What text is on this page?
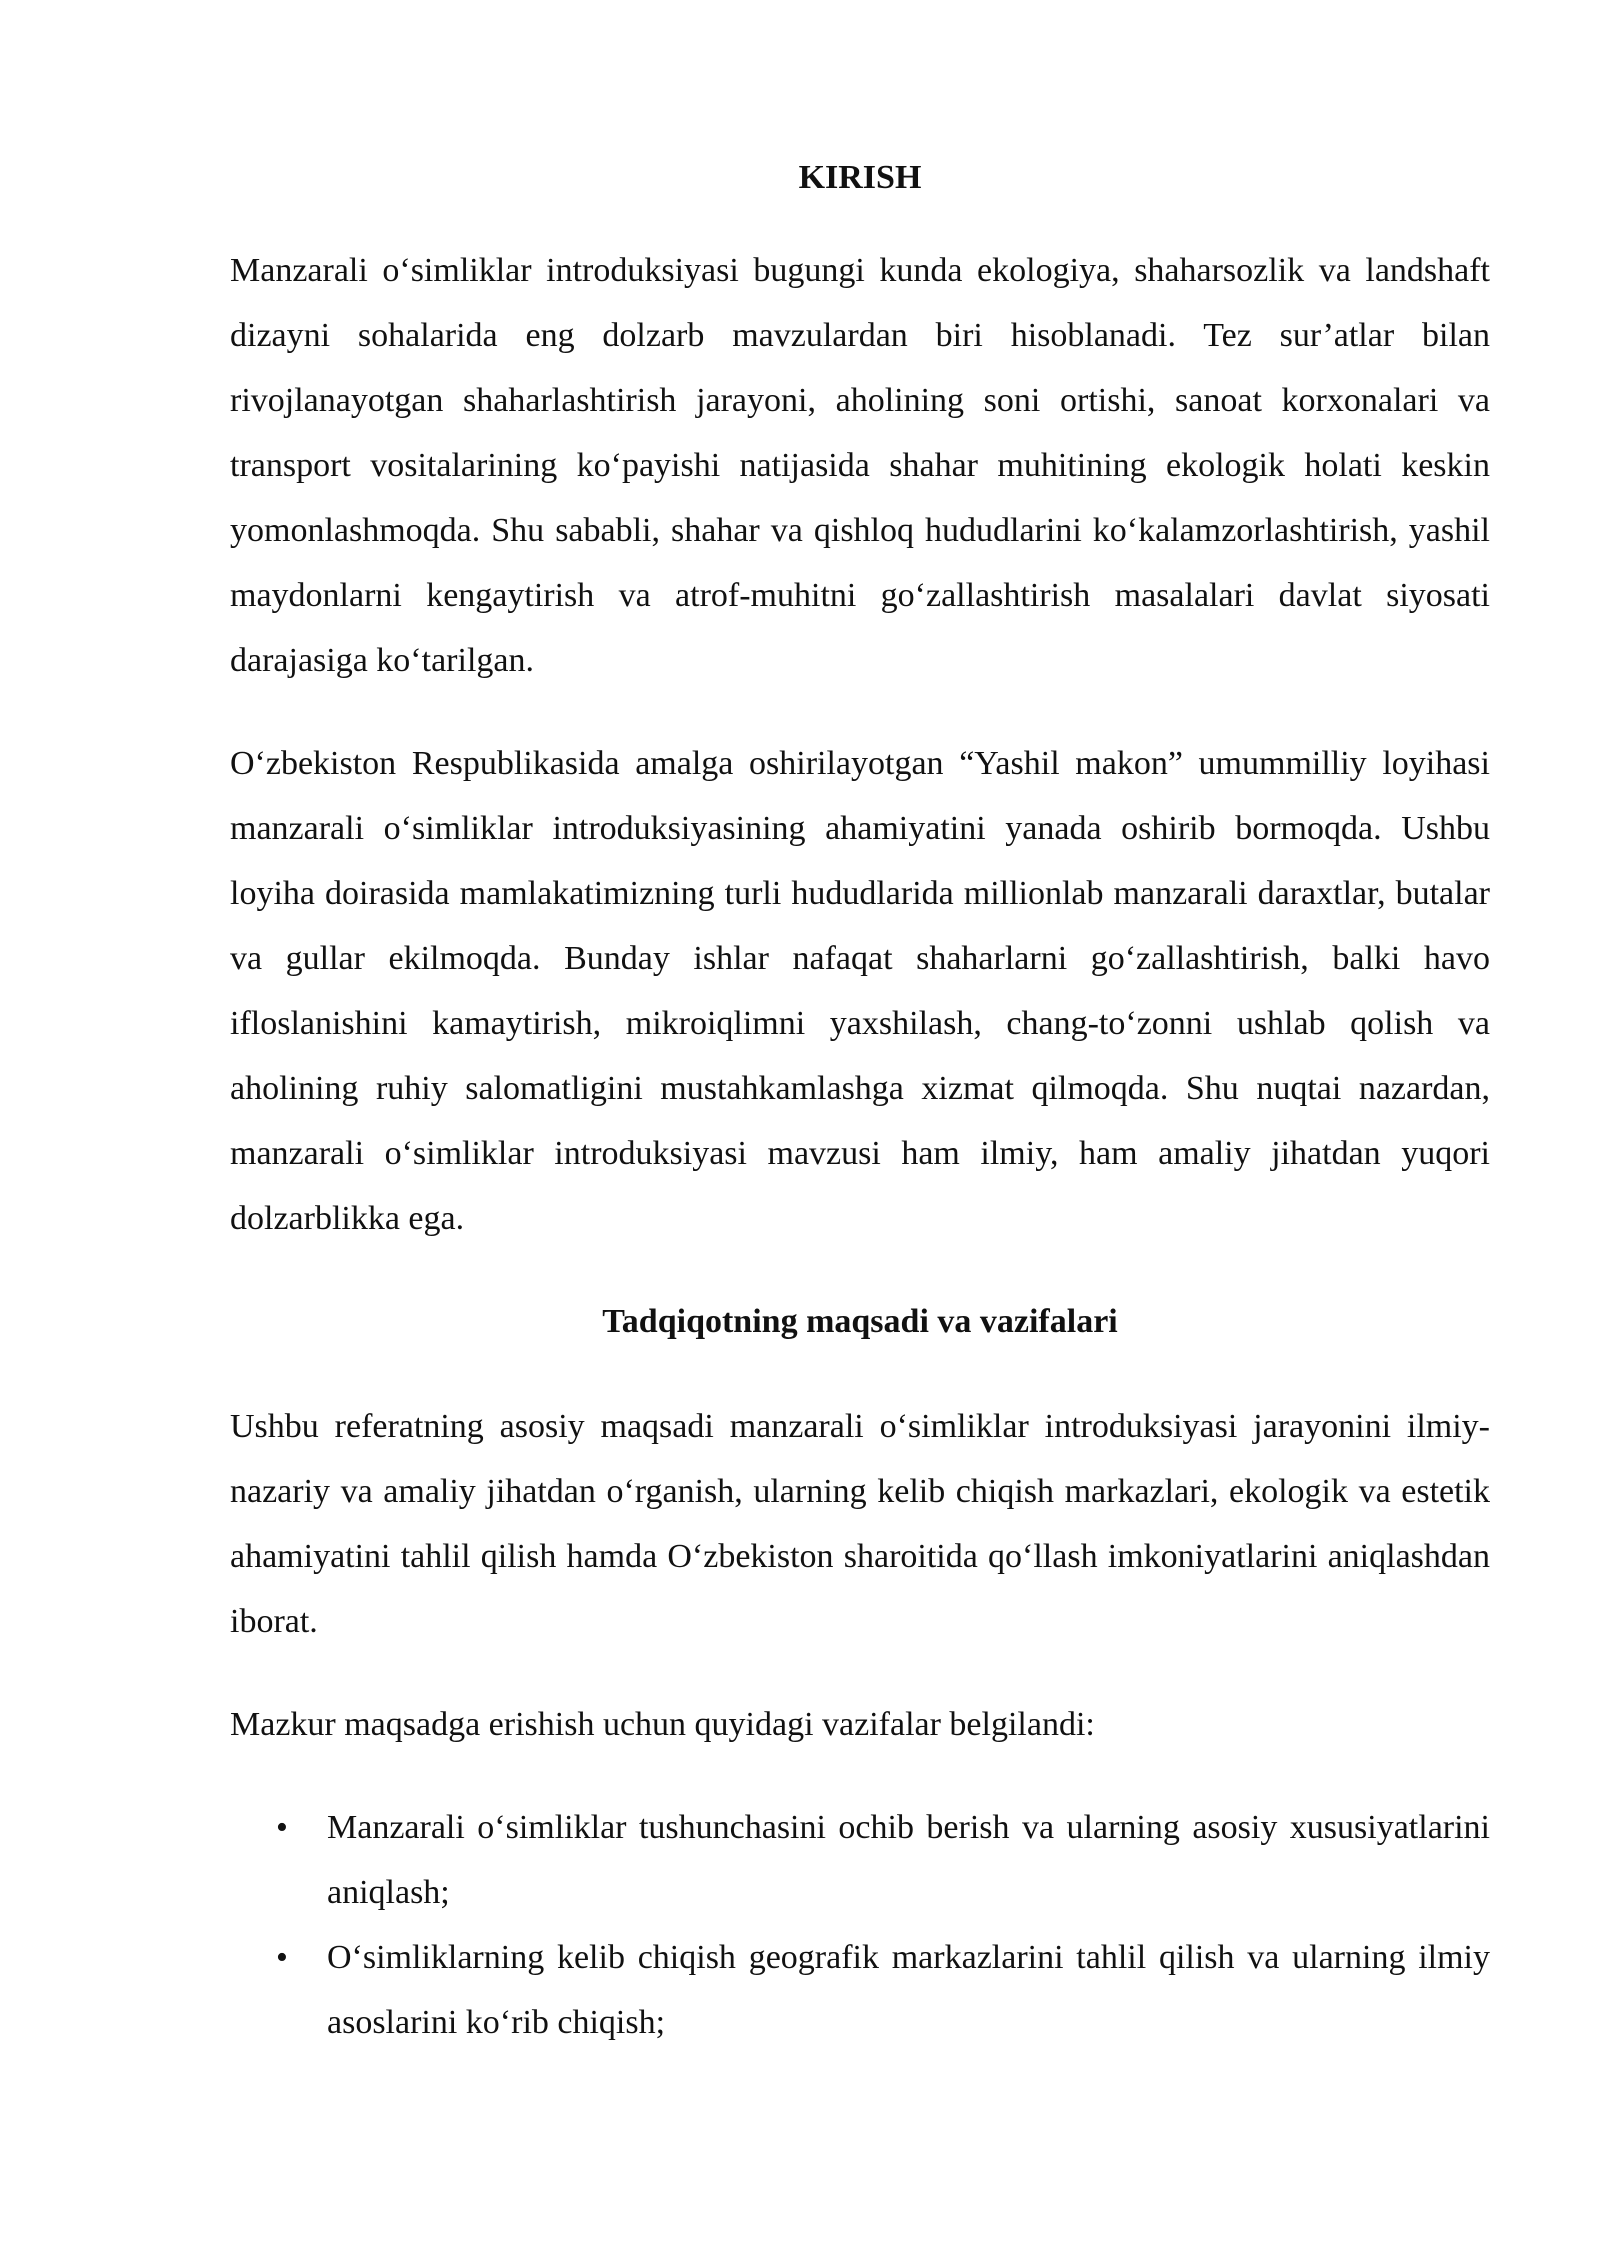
KIRISH

Manzarali o‘simliklar introduksiyasi bugungi kunda ekologiya, shaharsozlik va landshaft dizayni sohalarida eng dolzarb mavzulardan biri hisoblanadi. Tez sur’atlar bilan rivojlanayotgan shaharlashtirish jarayoni, aholining soni ortishi, sanoat korxonalari va transport vositalarining ko‘payishi natijasida shahar muhitining ekologik holati keskin yomonlashmoqda. Shu sababli, shahar va qishloq hududlarini ko‘kalamzorlashtirish, yashil maydonlarni kengaytirish va atrof-muhitni go‘zallashtirish masalalari davlat siyosati darajasiga ko‘tarilgan.

O‘zbekiston Respublikasida amalga oshirilayotgan “Yashil makon” umummilliy loyihasi manzarali o‘simliklar introduksiyasining ahamiyatini yanada oshirib bormoqda. Ushbu loyiha doirasida mamlakatimizning turli hududlarida millionlab manzarali daraxtlar, butalar va gullar ekilmoqda. Bunday ishlar nafaqat shaharlarni go‘zallashtirish, balki havo ifloslanishini kamaytirish, mikroiqlimni yaxshilash, chang-to‘zonni ushlab qolish va aholining ruhiy salomatligini mustahkamlashga xizmat qilmoqda. Shu nuqtai nazardan, manzarali o‘simliklar introduksiyasi mavzusi ham ilmiy, ham amaliy jihatdan yuqori dolzarblikka ega.

Tadqiqotning maqsadi va vazifalari

Ushbu referatning asosiy maqsadi manzarali o‘simliklar introduksiyasi jarayonini ilmiy-nazariy va amaliy jihatdan o‘rganish, ularning kelib chiqish markazlari, ekologik va estetik ahamiyatini tahlil qilish hamda O‘zbekiston sharoitida qo‘llash imkoniyatlarini aniqlashdan iborat.

Mazkur maqsadga erishish uchun quyidagi vazifalar belgilandi:

• Manzarali o‘simliklar tushunchasini ochib berish va ularning asosiy xususiyatlarini aniqlash;
• O‘simliklarning kelib chiqish geografik markazlarini tahlil qilish va ularning ilmiy asoslarini ko‘rib chiqish;
